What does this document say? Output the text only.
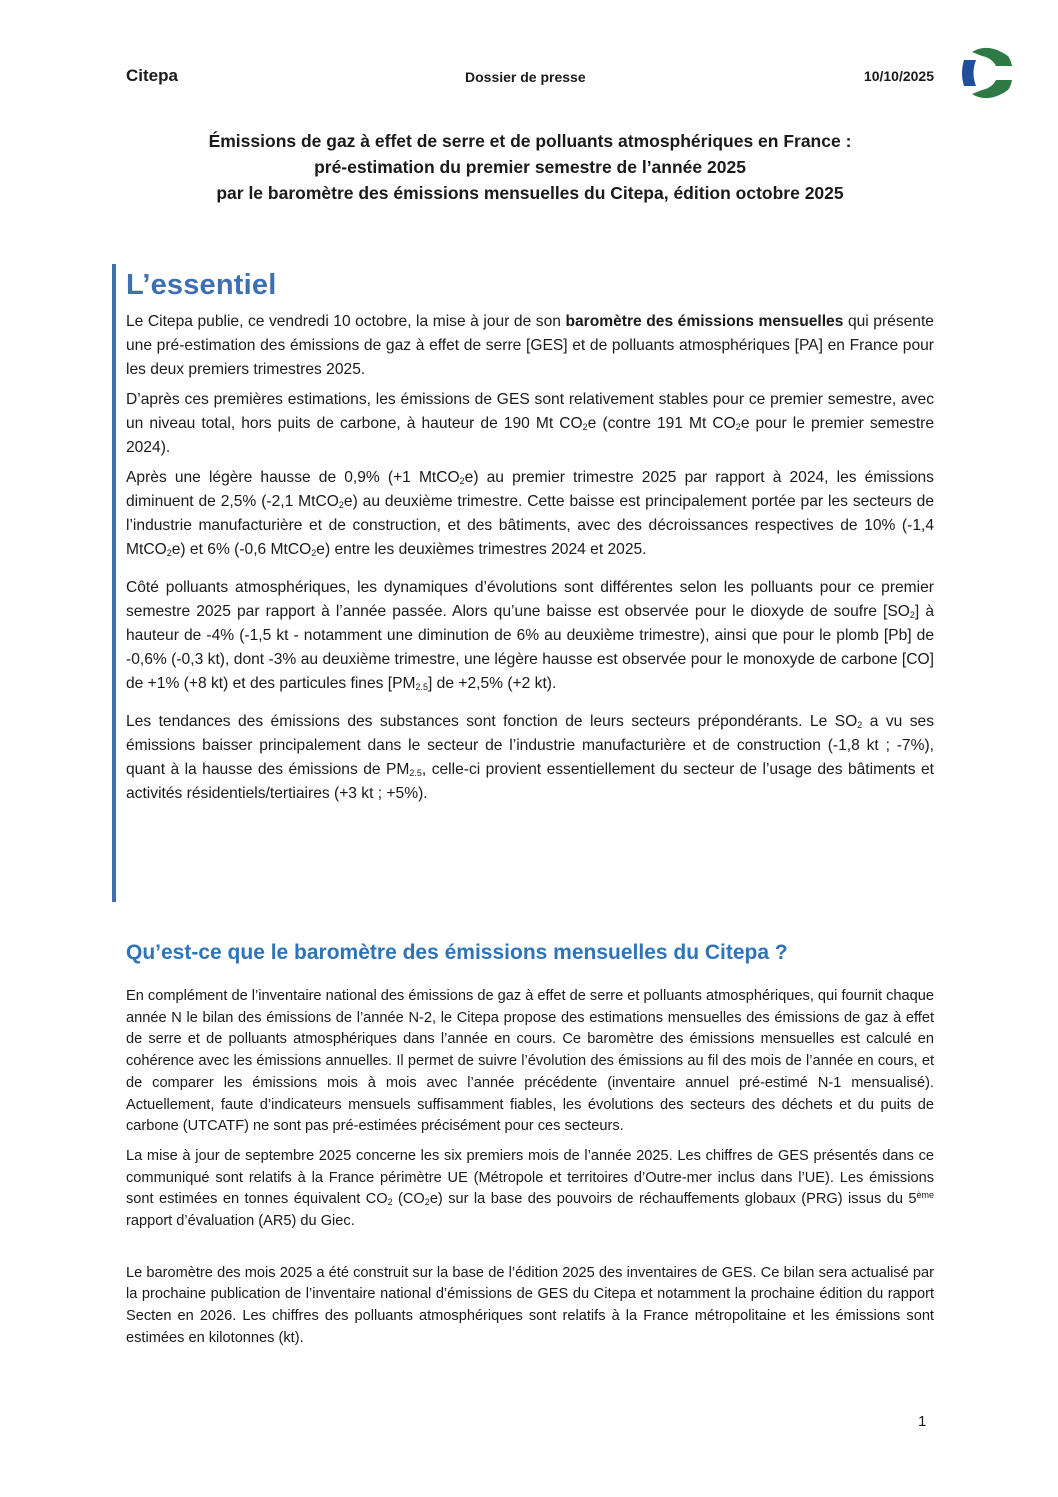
Citepa	Dossier de presse	10/10/2025
Émissions de gaz à effet de serre et de polluants atmosphériques en France :
pré-estimation du premier semestre de l’année 2025
par le baromètre des émissions mensuelles du Citepa, édition octobre 2025
L’essentiel

Le Citepa publie, ce vendredi 10 octobre, la mise à jour de son baromètre des émissions mensuelles qui présente une pré-estimation des émissions de gaz à effet de serre [GES] et de polluants atmosphériques [PA] en France pour les deux premiers trimestres 2025.

D’après ces premières estimations, les émissions de GES sont relativement stables pour ce premier semestre, avec un niveau total, hors puits de carbone, à hauteur de 190 Mt $CO_2e$ (contre 191 Mt $CO_2e$ pour le premier semestre 2024).

Après une légère hausse de 0,9% (+1 MtCO$_2$e) au premier trimestre 2025 par rapport à 2024, les émissions diminuent de 2,5% (-2,1 MtCO$_2$e) au deuxième trimestre. Cette baisse est principalement portée par les secteurs de l’industrie manufacturière et de construction, et des bâtiments, avec des décroissances respectives de 10% (-1,4 MtCO$_2$e) et 6% (-0,6 MtCO$_2$e) entre les deuxièmes trimestres 2024 et 2025.

Côté polluants atmosphériques, les dynamiques d’évolutions sont différentes selon les polluants pour ce premier semestre 2025 par rapport à l’année passée. Alors qu’une baisse est observée pour le dioxyde de soufre $[SO_2]$ à hauteur de -4% (-1,5 kt - notamment une diminution de 6% au deuxième trimestre), ainsi que pour le plomb [Pb] de -0,6% (-0,3 kt), dont -3% au deuxième trimestre, une légère hausse est observée pour le monoxyde de carbone [CO] de +1% (+8 kt) et des particules fines $[PM_{2.5}]$ de +2,5% (+2 kt).

Les tendances des émissions des substances sont fonction de leurs secteurs prépondérants. Le $SO_2$ a vu ses émissions baisser principalement dans le secteur de l’industrie manufacturière et de construction (-1,8 kt ; -7%), quant à la hausse des émissions de $PM_{2.5}$, celle-ci provient essentiellement du secteur de l’usage des bâtiments et activités résidentiels/tertiaires (+3 kt ; +5%).

Qu’est-ce que le baromètre des émissions mensuelles du Citepa ?

En complément de l’inventaire national des émissions de gaz à effet de serre et polluants atmosphériques, qui fournit chaque année N le bilan des émissions de l’année N-2, le Citepa propose des estimations mensuelles des émissions de gaz à effet de serre et de polluants atmosphériques dans l’année en cours. Ce baromètre des émissions mensuelles est calculé en cohérence avec les émissions annuelles. Il permet de suivre l’évolution des émissions au fil des mois de l’année en cours, et de comparer les émissions mois à mois avec l’année précédente (inventaire annuel pré-estimé N-1 mensualisé). Actuellement, faute d’indicateurs mensuels suffisamment fiables, les évolutions des secteurs des déchets et du puits de carbone (UTCATF) ne sont pas pré-estimées précisément pour ces secteurs.

La mise à jour de septembre 2025 concerne les six premiers mois de l’année 2025. Les chiffres de GES présentés dans ce communiqué sont relatifs à la France périmètre UE (Métropole et territoires d’Outre-mer inclus dans l’UE). Les émissions sont estimées en tonnes équivalent $CO_2$ $(CO_2e)$ sur la base des pouvoirs de réchauffements globaux (PRG) issus du 5ème rapport d’évaluation (AR5) du Giec.

Le baromètre des mois 2025 a été construit sur la base de l’édition 2025 des inventaires de GES. Ce bilan sera actualisé par la prochaine publication de l’inventaire national d’émissions de GES du Citepa et notamment la prochaine édition du rapport Secten en 2026. Les chiffres des polluants atmosphériques sont relatifs à la France métropolitaine et les émissions sont estimées en kilotonnes (kt).

1
